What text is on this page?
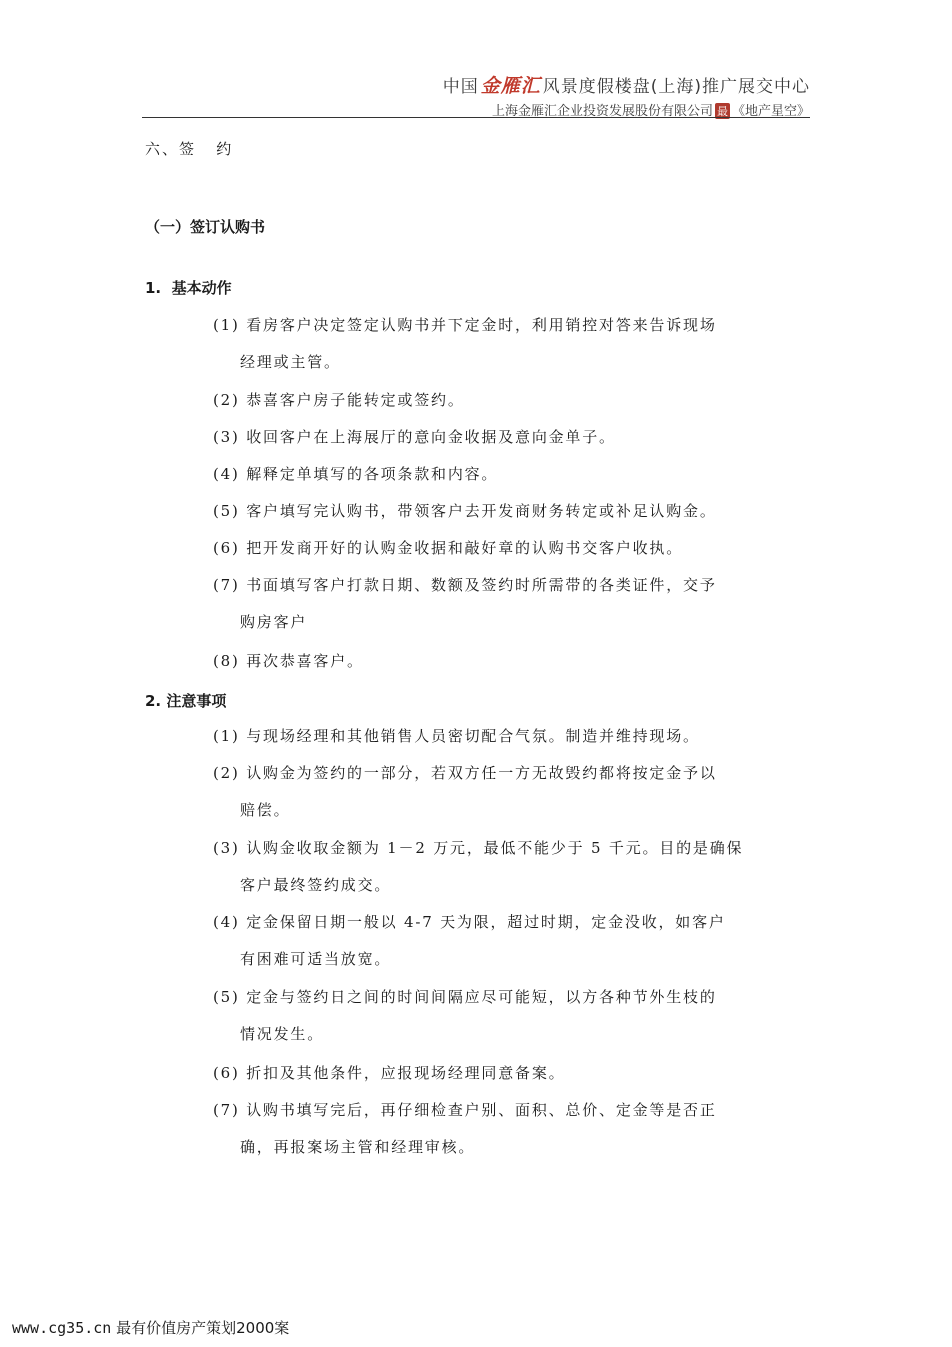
中国 金雁汇 风景度假楼盘(上海)推广展交中心
上海金雁汇企业投资发展股份有限公司 最 《地产星空》
六、签   约
（一）签订认购书
1.  基本动作
(1) 看房客户决定签定认购书并下定金时，利用销控对答来告诉现场
经理或主管。
(2) 恭喜客户房子能转定或签约。
(3) 收回客户在上海展厅的意向金收据及意向金单子。
(4) 解释定单填写的各项条款和内容。
(5) 客户填写完认购书，带领客户去开发商财务转定或补足认购金。
(6) 把开发商开好的认购金收据和敲好章的认购书交客户收执。
(7) 书面填写客户打款日期、数额及签约时所需带的各类证件，交予
购房客户
(8) 再次恭喜客户。
2. 注意事项
(1) 与现场经理和其他销售人员密切配合气氛。制造并维持现场。
(2) 认购金为签约的一部分，若双方任一方无故毁约都将按定金予以
赔偿。
(3) 认购金收取金额为 1－2 万元，最低不能少于 5 千元。目的是确保
客户最终签约成交。
(4) 定金保留日期一般以 4-7 天为限，超过时期，定金没收，如客户
有困难可适当放宽。
(5) 定金与签约日之间的时间间隔应尽可能短，以方各种节外生枝的
情况发生。
(6) 折扣及其他条件，应报现场经理同意备案。
(7) 认购书填写完后，再仔细检查户别、面积、总价、定金等是否正
确，再报案场主管和经理审核。
www.cg35.cn 最有价值房产策划2000案
